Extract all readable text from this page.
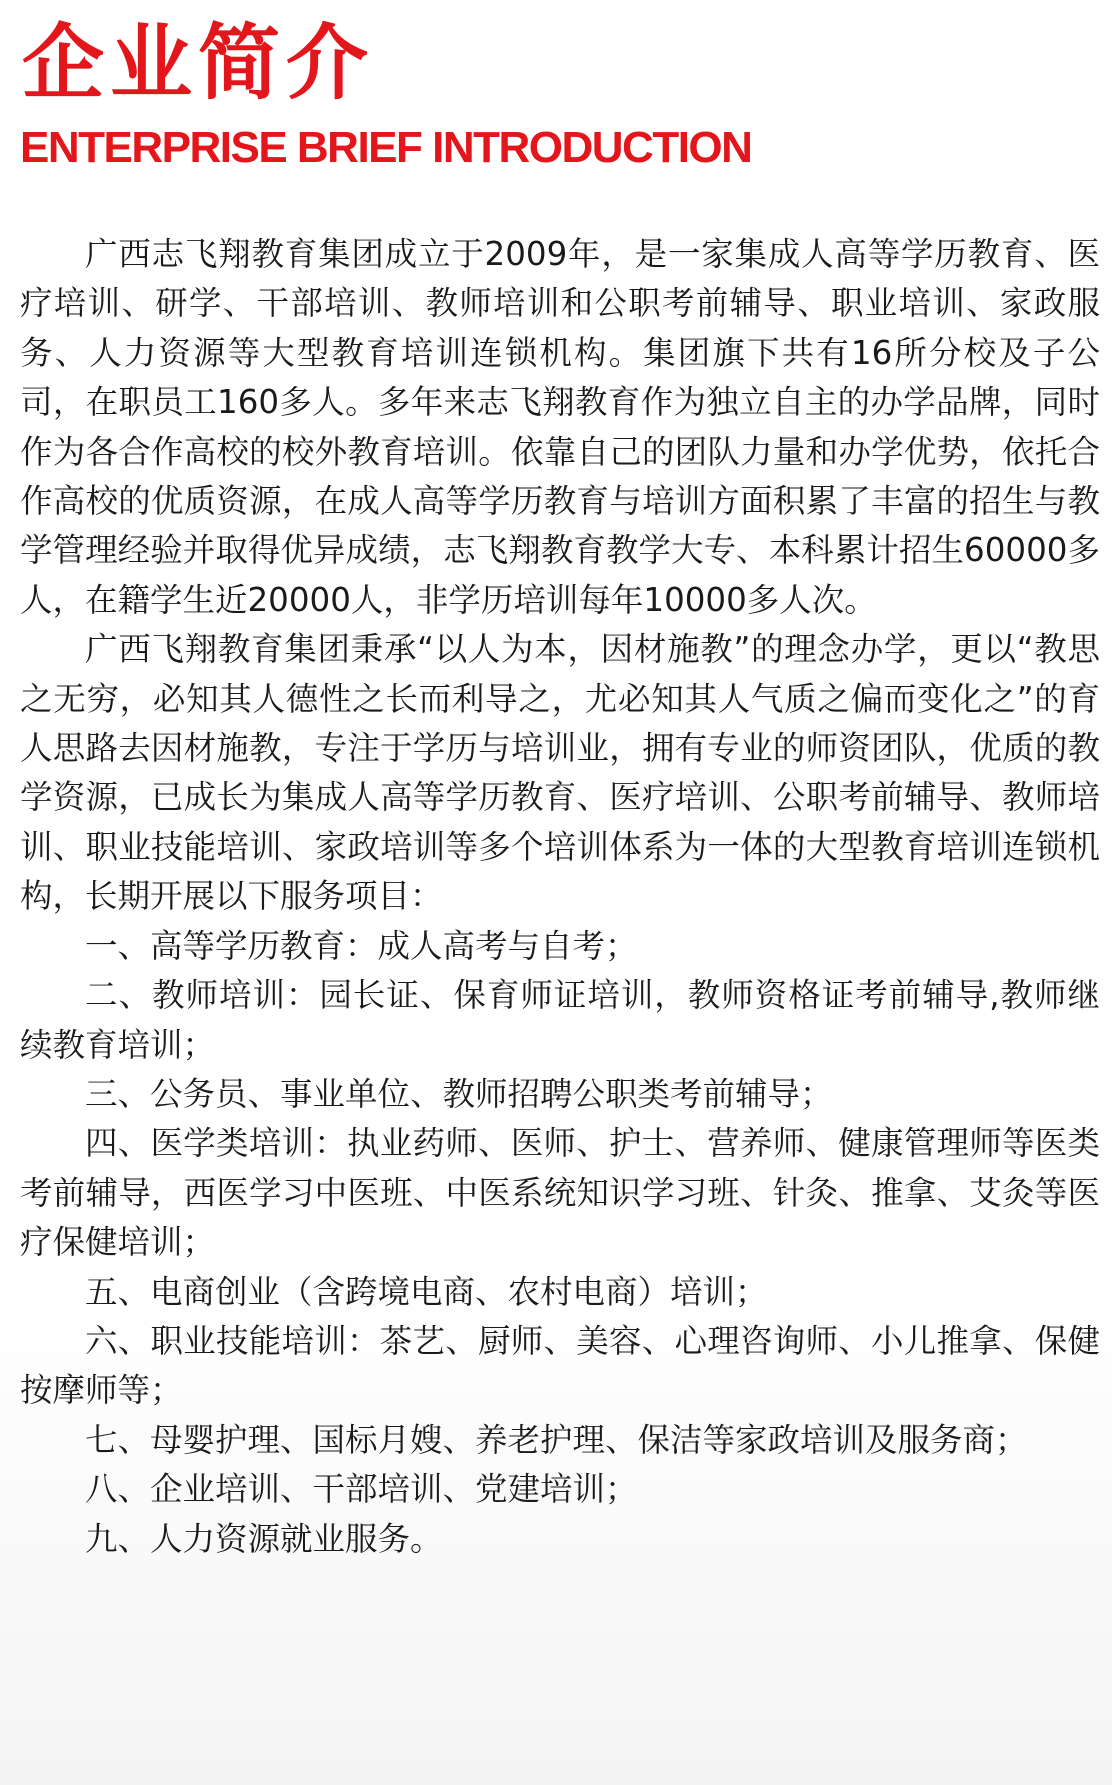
企业简介
ENTERPRISE BRIEF INTRODUCTION

广西志飞翔教育集团成立于2009年，是一家集成人高等学历教育、医疗培训、研学、干部培训、教师培训和公职考前辅导、职业培训、家政服务、人力资源等大型教育培训连锁机构。集团旗下共有16所分校及子公司，在职员工160多人。多年来志飞翔教育作为独立自主的办学品牌，同时作为各合作高校的校外教育培训。依靠自己的团队力量和办学优势，依托合作高校的优质资源，在成人高等学历教育与培训方面积累了丰富的招生与教学管理经验并取得优异成绩，志飞翔教育教学大专、本科累计招生60000多人，在籍学生近20000人，非学历培训每年10000多人次。

广西飞翔教育集团秉承“以人为本，因材施教”的理念办学，更以“教思之无穷，必知其人德性之长而利导之，尤必知其人气质之偏而变化之”的育人思路去因材施教，专注于学历与培训业，拥有专业的师资团队，优质的教学资源，已成长为集成人高等学历教育、医疗培训、公职考前辅导、教师培训、职业技能培训、家政培训等多个培训体系为一体的大型教育培训连锁机构，长期开展以下服务项目：

一、高等学历教育：成人高考与自考；

二、教师培训：园长证、保育师证培训，教师资格证考前辅导,教师继续教育培训；

三、公务员、事业单位、教师招聘公职类考前辅导；

四、医学类培训：执业药师、医师、护士、营养师、健康管理师等医类考前辅导，西医学习中医班、中医系统知识学习班、针灸、推拿、艾灸等医疗保健培训；

五、电商创业（含跨境电商、农村电商）培训；

六、职业技能培训：茶艺、厨师、美容、心理咨询师、小儿推拿、保健按摩师等；

七、母婴护理、国标月嫂、养老护理、保洁等家政培训及服务商；

八、企业培训、干部培训、党建培训；

九、人力资源就业服务。
